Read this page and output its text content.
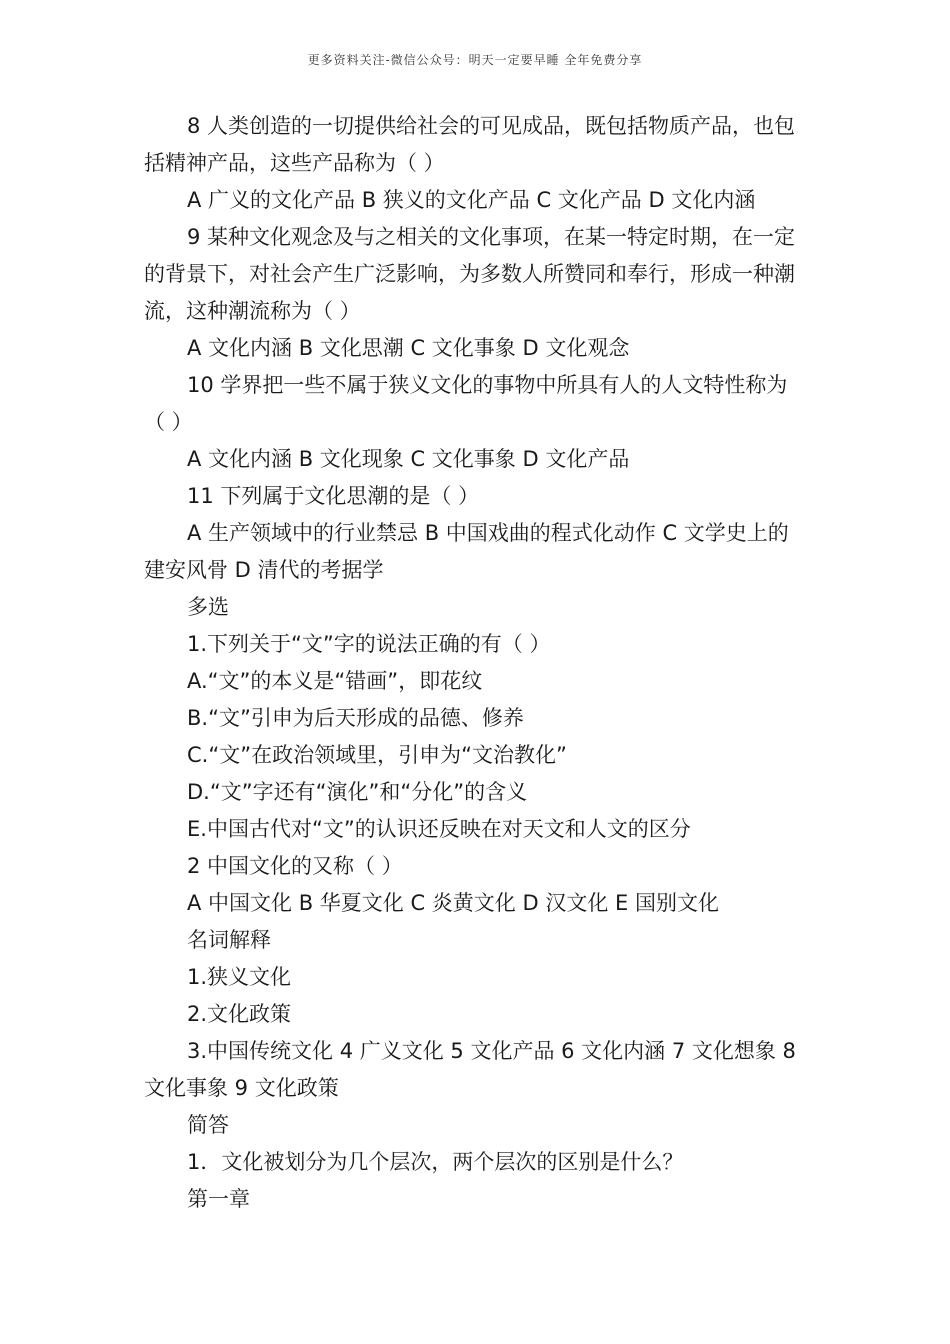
更多资料关注-微信公众号：明天一定要早睡 全年免费分享

8 人类创造的一切提供给社会的可见成品，既包括物质产品，也包括精神产品，这些产品称为（ ）

A 广义的文化产品 B 狭义的文化产品 C 文化产品 D 文化内涵

9 某种文化观念及与之相关的文化事项，在某一特定时期，在一定的背景下，对社会产生广泛影响，为多数人所赞同和奉行，形成一种潮流，这种潮流称为（ ）

A 文化内涵 B 文化思潮 C 文化事象 D 文化观念

10 学界把一些不属于狭义文化的事物中所具有人的人文特性称为（ ）

A 文化内涵 B 文化现象 C 文化事象 D 文化产品

11 下列属于文化思潮的是（ ）

A 生产领域中的行业禁忌 B 中国戏曲的程式化动作 C 文学史上的建安风骨 D 清代的考据学

多选

1.下列关于“文”字的说法正确的有（ ）

A.“文”的本义是“错画”，即花纹

B.“文”引申为后天形成的品德、修养

C.“文”在政治领域里，引申为“文治教化”

D.“文”字还有“演化”和“分化”的含义

E.中国古代对“文”的认识还反映在对天文和人文的区分

2 中国文化的又称（ ）

A 中国文化 B 华夏文化 C 炎黄文化 D 汉文化 E 国别文化

名词解释

1.狭义文化

2.文化政策

3.中国传统文化 4 广义文化 5 文化产品 6 文化内涵 7 文化想象 8 文化事象 9 文化政策

简答

1．文化被划分为几个层次，两个层次的区别是什么？

第一章
